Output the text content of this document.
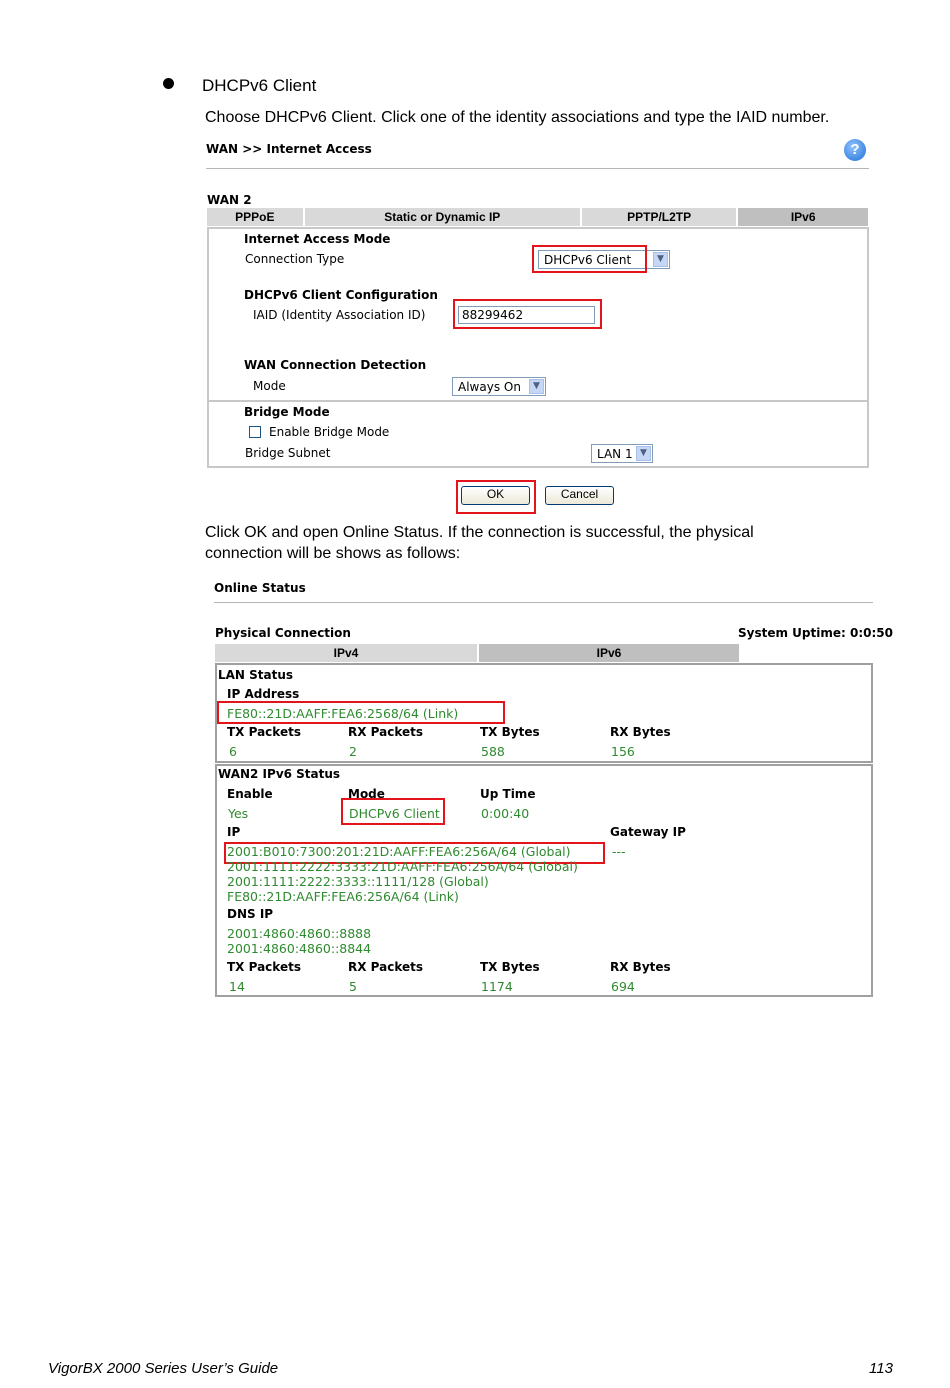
DHCPv6 Client
Choose DHCPv6 Client. Click one of the identity associations and type the IAID number.
WAN >> Internet Access	?
WAN 2
PPPoE	Static or Dynamic IP	PPTP/L2TP	IPv6
Internet Access Mode
Connection Type	DHCPv6 Client	▼
DHCPv6 Client Configuration
IAID (Identity Association ID)	88299462
WAN Connection Detection
Mode	Always On	▼
Bridge Mode
Enable Bridge Mode
Bridge Subnet	LAN 1 ▼
OK	Cancel
Click OK and open Online Status. If the connection is successful, the physical
connection will be shows as follows:
Online Status
Physical Connection	System Uptime: 0:0:50
IPv4	IPv6
LAN Status
IP Address
FE80::21D:AAFF:FEA6:2568/64 (Link)
TX Packets	RX Packets	TX Bytes	RX Bytes
6	2	588	156
WAN2 IPv6 Status
Enable	Mode	Up Time
Yes	DHCPv6 Client	0:00:40
IP	Gateway IP
2001:B010:7300:201:21D:AAFF:FEA6:256A/64 (Global)	---
2001:1111:2222:3333:21D:AAFF:FEA6:256A/64 (Global)
2001:1111:2222:3333::1111/128 (Global)
FE80::21D:AAFF:FEA6:256A/64 (Link)
DNS IP
2001:4860:4860::8888
2001:4860:4860::8844
TX Packets	RX Packets	TX Bytes	RX Bytes
14	5	1174	694
VigorBX 2000 Series User’s Guide	113
